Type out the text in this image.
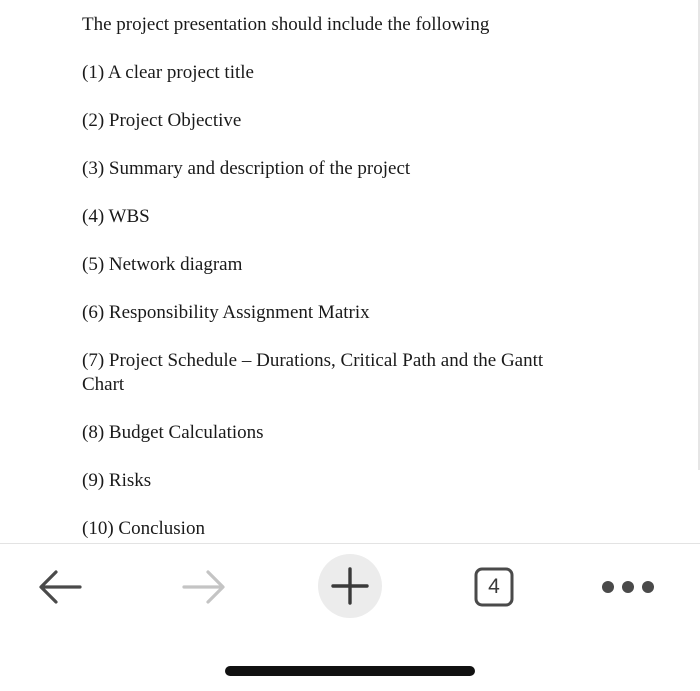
The project presentation should include the following
(1) A clear project title
(2) Project Objective
(3) Summary and description of the project
(4) WBS
(5) Network diagram
(6) Responsibility Assignment Matrix
(7) Project Schedule – Durations, Critical Path and the Gantt
Chart
(8) Budget Calculations
(9) Risks
(10) Conclusion
4
